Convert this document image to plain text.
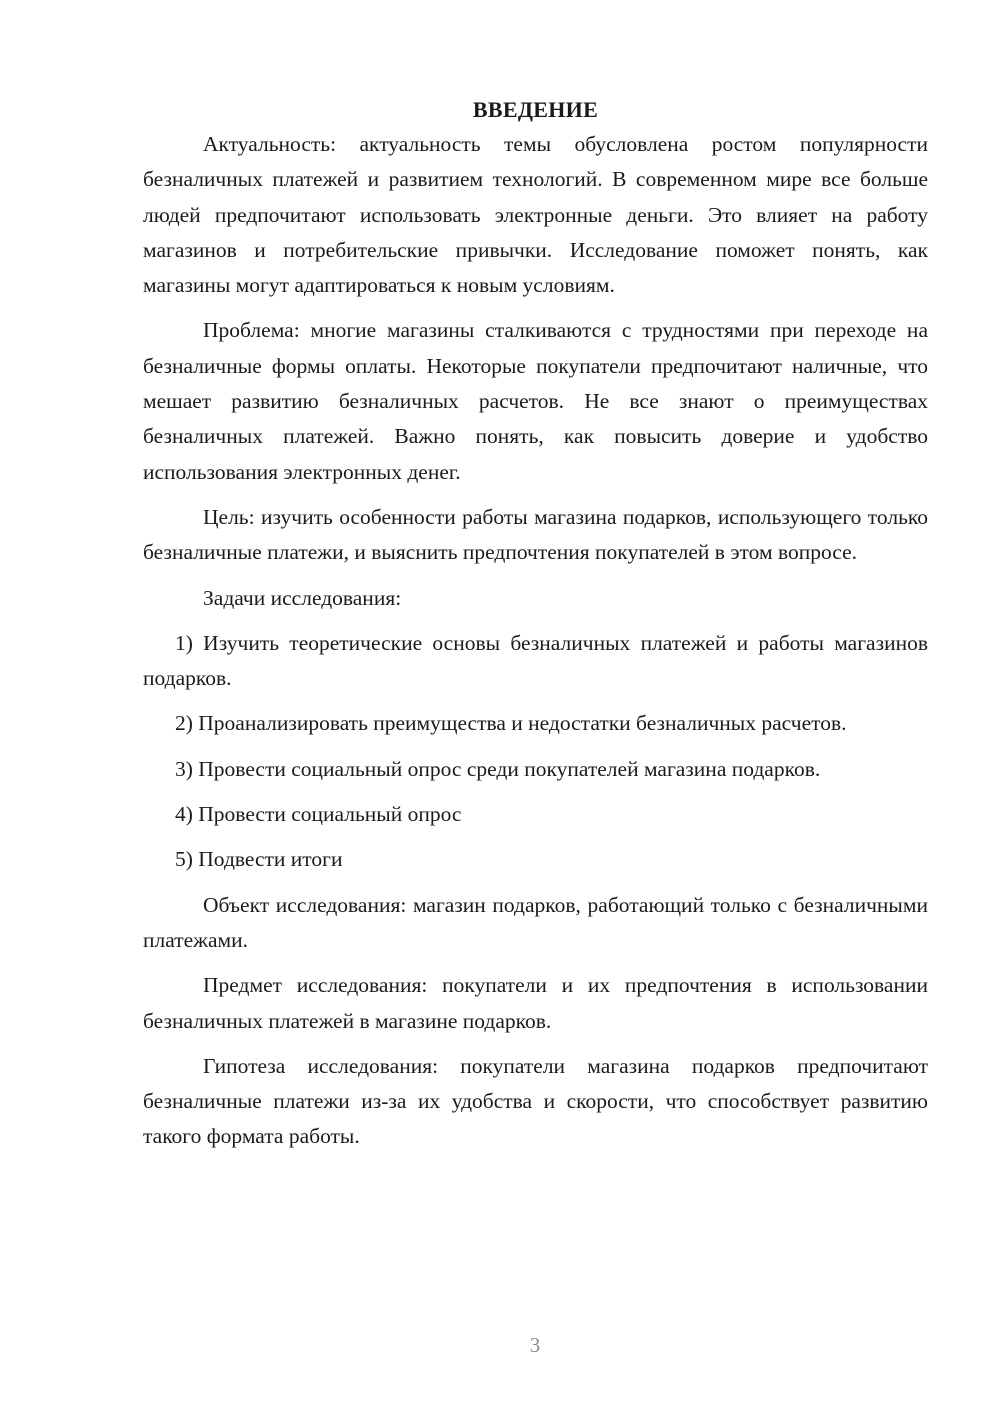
ВВЕДЕНИЕ

Актуальность: актуальность темы обусловлена ростом популярности безналичных платежей и развитием технологий. В современном мире все больше людей предпочитают использовать электронные деньги. Это влияет на работу магазинов и потребительские привычки. Исследование поможет понять, как магазины могут адаптироваться к новым условиям.

Проблема: многие магазины сталкиваются с трудностями при переходе на безналичные формы оплаты. Некоторые покупатели предпочитают наличные, что мешает развитию безналичных расчетов. Не все знают о преимуществах безналичных платежей. Важно понять, как повысить доверие и удобство использования электронных денег.

Цель: изучить особенности работы магазина подарков, использующего только безналичные платежи, и выяснить предпочтения покупателей в этом вопросе.

Задачи исследования:

1) Изучить теоретические основы безналичных платежей и работы магазинов подарков.

2) Проанализировать преимущества и недостатки безналичных расчетов.

3) Провести социальный опрос среди покупателей магазина подарков.

4) Провести социальный опрос

5) Подвести итоги

Объект исследования: магазин подарков, работающий только с безналичными платежами.

Предмет исследования: покупатели и их предпочтения в использовании безналичных платежей в магазине подарков.

Гипотеза исследования: покупатели магазина подарков предпочитают безналичные платежи из-за их удобства и скорости, что способствует развитию такого формата работы.

3
